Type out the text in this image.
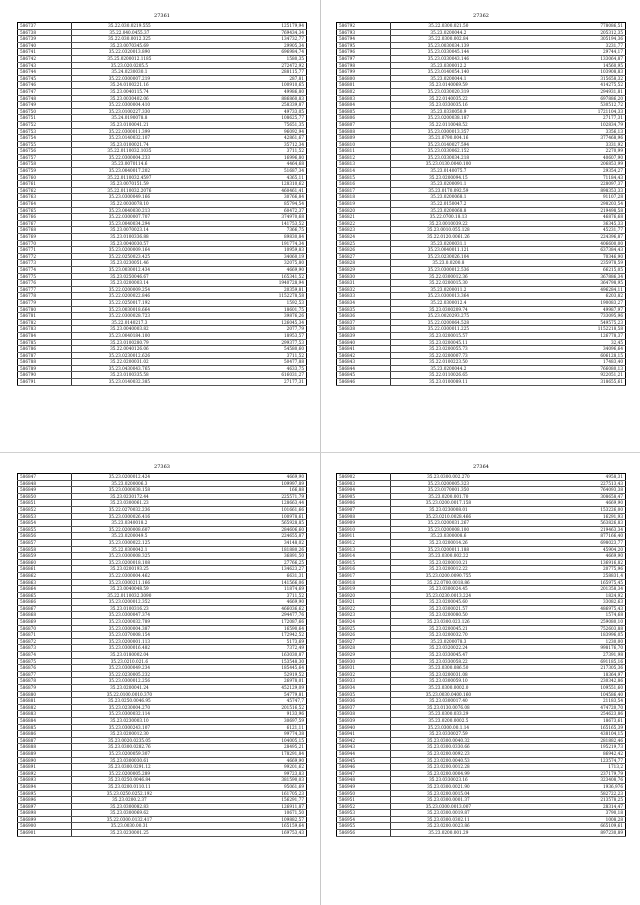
27361
586737	35.22.030.0219.555	125179,94
586738	35.22.040.0455.37	769434,34
586739	35.22.030.0012.325	134732,77
586740	35.23.0070345.69	29905,34
586741	35.22.0320013.890	696984,74
586742	35.25.0200012.1185	1580,35
586743	35.23.020.0205.5	272472,92
586744	35.24.0230030.1	288115,77
586745	35.22.0300007.219	287,81
586746	35.24.0100221.16	100910,65
586747	35.23.0040115.74	49986,80
586748	35.23.0030402.06	886860,83
586749	35.22.0300004.410	258339,87
586750	35.23.0100227.330	49733,05
586751	35.24.0190078.8	108625,77
586752	35.23.0100041.21	75651,35
586753	35.22.0300011.399	96092,94
586754	35.23.0140032.107	42861,67
586755	35.23.0100021.74	35712,34
586756	35.22.0110032.1035	3711,52
586757	35.22.0300004.233	16996,80
586758	35.23.0070114.6	4464,68
586759	35.23.0040017.202	51687,34
586760	35.22.0110032.4597	4365,11
586761	35.23.0070151.59	128310,62
586762	35.22.0110032.2076	460461,41
586763	35.23.0300049.166	30766,84
586764	35.22.0030078.10	85794,54
586765	35.23.0040030.213	60472,37
586766	35.22.0300007.707	374970,68
586767	35.23.0040034.294	141753,52
586768	35.23.0070023.14	7366,75
586769	35.23.0100336.88	89830,84
586770	35.23.0040030.57	191774,34
586771	35.23.0200009.164	10959,83
586772	35.22.0250023.425	34060,19
586773	35.23.0230051.46	32075,80
586774	35.23.0030012.434	4669,90
586775	35.23.0250046.67	165341,52
586776	35.23.0200003.14	1940728,94
586777	35.22.0200009.254	20359,81
586778	35.22.0200022.846	1152278,58
586779	35.22.0250017.192	1592,53
586780	35.23.0030018.664	18601,75
586781	35.22.0300028.723	39876,26
586782	35.22.0140217.3	126045,34
586783	35.23.0040003.82	2077,79
586784	35.23.0040184.100	18953,57
586785	35.23.0100280.79	299377,53
586786	35.22.0040126.06	54580,60
586787	35.23.0230012.626	3711,52
586788	35.22.0200031.02	50477,88
586789	35.23.0430043.765	4633,75
586790	35.23.0100335.58	616031,27
586791	35.23.0140032.385	27177,31
27362
586792	35.22.0300.021.50	778086,51
586793	35.23.0200044.2	205312,35
586794	35.22.0300.002.84	305194,36
586795	35.23.0030034.139	3231,77
586796	35.23.0330045.144	29744,17
586797	35.23.0330043.146	133064,87
586798	35.23.0300012.2	14560,95
586799	35.23.0140054.140	103908,83
586800	35.23.0200044.1	315658,32
586801	35.23.0140069.59	414275,52
586802	35.23.0330020.319	294931,81
586803	35.22.0140035.22	697886,20
586804	35.23.0330035.16	530512,72
586805	35.23.0330050.9	1721104,33
586806	35.23.0200038.187	27177,31
586807	35.22.0110048.52	102834,79
586808	35.23.0300013.357	3356,13
586809	35.21.0790.004.16	377468,96
586810	35.23.0140027.594	3331,92
586811	35.23.0330062.152	2270,99
586812	35.23.0330034.218	40607,90
586813	35.23.0130.0040.100	206853,99
586814	35.23.0140075.7	29354,27
586815	35.23.0200094.15	71184,43
586816	35.23.0200091.1	228097,37
586817	35.23.0170.092.59	898353,33
586818	35.23.0200068.1	91107,28
586819	35.22.0150047.2	298203,54
586820	35.23.0200068.8	219498,58
586821	35.22.0700.18.13	46876,68
586822	35.23.0010039.22	36345,33
586823	35.23.0010.055.128	45231,77
586824	35.22.0120.0061.26	224396,87
586825	35.23.0200031.1	406600,00
586826	35.23.0040011.121	637384,43
586827	35.23.0230026.104	70346,90
586828	35.23.0.0200.8	235978,59
586829	35.23.0300012.536	66215,05
586830	35.22.0300012.36	367886,34
586831	35.22.0200015.30	364798,95
586832	35.23.0200011.2	496284,11
586833	35.23.0300013.364	6203,82
586834	35.22.0300012.4	190083,27
586835	35.23.0300209.74	49987,97
586836	35.23.0020293.275	733095,96
586837	35.22.0200064.528	549575,23
586838	35.22.0300011.225	1152218,58
586839	35.23.0200015.57	126778,37
586840	35.23.0200045.11	32,45
586841	35.23.0200055.73	34096,64
586842	35.22.0200007.73	606128,15
586843	35.22.0100223.50	17483,40
586844	35.23.0200044.2	766080,13
586845	35.22.0110026.65	922051,21
586846	35.23.0100089.11	318655,61
27363
586847	35.23.0200012.424	4669,90
586848	35.23.0200006.3	109997,89
586849	35.23.0300038.158	166,88
586850	35.23.0230172.44	225571,79
586851	35.23.0300061.23	128663,44
586852	35.22.0270032.236	101661,66
586853	35.23.0300026.416	100978,61
586854	35.23.0340018.2	565928,85
586855	35.22.0200008.607	284606,60
586856	35.23.0200049.5	224655,87
586857	35.23.0300022.125	34148,02
586858	35.22.0300042.1	181880,26
586859	35.23.0300008.325	36891,50
586860	35.23.0200018.108	27766,25
586861	35.23.0200193.25	134623,27
586862	35.22.0300004.462	6631,31
586863	35.23.0300211.166	141566,06
586864	35.23.0040048.59	11874,69
586865	35.22.0110032.3090	3711,52
586866	35.23.0200012.352	4669,90
586867	35.23.0100316.23	466036,62
586868	35.23.0300047.374	294477,76
586869	35.23.0200032.789	172087,66
586870	35.23.0300004.387	16590,64
586871	35.23.0370008.154	172942,52
586872	35.23.0200001.113	5173,69
586873	35.23.0300016.482	7372,49
586874	35.23.0180002.04	163030,87
586875	35.23.0210.021.6	153548,30
586876	35.23.0300049.234	185445,64
586877	35.22.0230005.232	52919,52
586878	35.23.0300012.256	26978,01
586879	35.23.0200041.24	452129,09
586880	35.22.0100.0010.370	54779,81
586881	35.23.0250.0046.95	45747,7
586882	35.23.0230004.270	201516,52
586883	35.23.0300032.114	9133,96
586884	35.23.0230003.10	30697,59
586885	35.23.0300243.107	6121,11
586886	35.23.0200012.30	99774,38
586887	35.23.0020.0235.05	104005,15
586888	35.23.0300.0282.76	28495,21
586889	35.23.0200059.307	178291,84
586890	35.23.0300030.61	4669,90
586891	35.23.0300.0291.12	99201,62
586892	35.22.0200005.289	99723,83
586893	35.23.0250.0046.84	381590,03
586894	35.23.0200.0110.11	95061,69
586895	35.23.0250.0252.192	161705,23
586896	35.23.0200.2.37	156291,77
586897	35.23.0300082.83	126911,87
586898	35.23.0300069.62	10671,50
586899	35.22.0300.0132.417	109882,57
586900	35.23.0030.00.31	165159,64
586901	35.23.0230001.25	169753,43
27364
586902	35.23.0300.002.270	4958,31
586903	35.23.0200005.323	227513,43
586904	35.23.0170001.350	764093,38
586905	35.23.0200.001.70	308658,47
586906	35.23.0200.0017.158	4669,90
586907	35.23.0230008.01	153226,00
586908	35.23.0210.0028.466	16291,93
586909	35.23.0200031.267	563826,83
586910	35.23.0200008.100	219463,34
586911	35.23.0300008.6	877166,40
586912	35.23.0200014.26	698023,77
586913	35.23.0200011.188	45904,20
586914	35.23.0300.002.22	4669,90
586915	35.23.0200010.21	136916,82
586916	35.23.0200012.22	20775,96
586917	35.23.0200.0090.755	258831,4
586918	35.22.0700.0018.86	165975,45
586919	35.23.0300024.45	201358,34
586920	35.23.0230.0013.224	1824,92
586921	35.23.0200045.60	33082,63
586922	35.23.0300021.57	486975,43
586923	35.23.0200080.50	1574,68
586924	35.23.0300.023.126	259080,10
586925	35.23.0200045.21	752603,88
586926	35.23.0200032.70	183996,05
586927	35.23.0200078.3	1230,00
586928	35.23.0320022.24	998176,70
586929	35.23.0330045.47	27391,98
586930	35.23.0330058.22	691185,16
586931	35.23.0300.086.50	217305,36
586932	35.23.0200031.08	18364,97
586933	35.23.0300059.10	230342,86
586934	35.23.0300.0002.0	109551,60
586935	35.23.0030.0400.160	104586,40
586936	35.23.0300017.40	21183,54
586937	35.23.0130.0076.08	474720,70
586938	35.23.0300.033.29	254623,86
586939	35.23.0200.0002.5	18673,61
586940	35.23.0300.00.1.14	165165,39
586941	35.23.0330027.59	438104,15
586942	35.23.0300.0040.32	281882,46
586943	35.23.0300.0330.66	195219,73
586944	35.23.0200.0092.23	86942,42
586945	35.23.0200.0040.53	123574,77
586946	35.23.0200.0012.28	1713,2
586947	35.23.0200.0004.99	237179,79
586948	35.23.0330023.16	323408,76
586949	35.23.0300.0021.90	1936,976
586950	35.23.0200.0015.04	582722,23
586951	35.23.0300.0001.37	213578,25
586952	35.23.0300.0013.007	28314,47
586953	35.23.0300.0019.87	3790,18
586954	35.23.0300.0302.11	1008,28
586955	35.23.0200.0023.86	665109,61
586956	35.23.0200.001.29	897230,89
